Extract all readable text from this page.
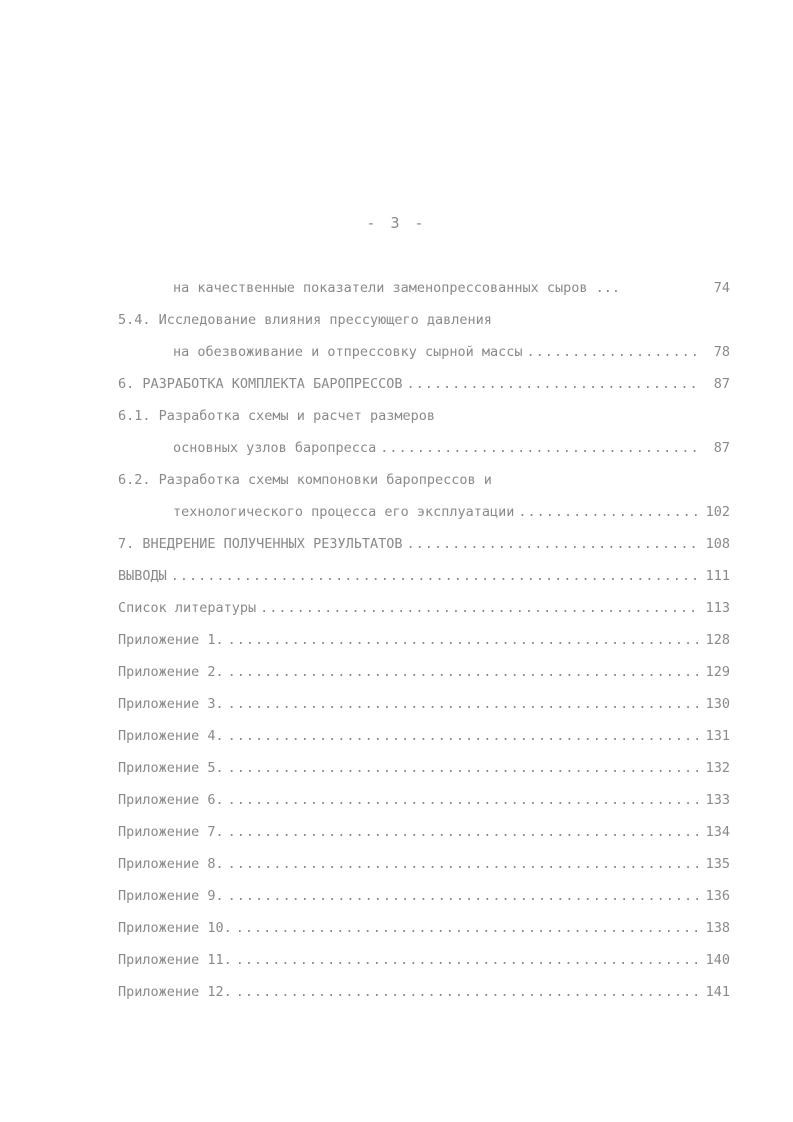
- 3 -
на качественные показатели заменопрессованных сыров ...	74
5.4. Исследование влияния прессующего давления
на обезвоживание и отпрессовку сырной массы .....	78
6. РАЗРАБОТКА КОМПЛЕКТА БАРОПРЕССОВ .....	87
6.1. Разработка схемы и расчет размеров
основных узлов баропресса .....	87
6.2. Разработка схемы компоновки баропрессов и
технологического процесса его эксплуатации .....	102
7. ВНЕДРЕНИЕ ПОЛУЧЕННЫХ РЕЗУЛЬТАТОВ .....	108
ВЫВОДЫ .....	111
Список литературы .....	113
Приложение 1. .....	128
Приложение 2. .....	129
Приложение 3. .....	130
Приложение 4. .....	131
Приложение 5. .....	132
Приложение 6. .....	133
Приложение 7. .....	134
Приложение 8. .....	135
Приложение 9. .....	136
Приложение 10. .....	138
Приложение 11. .....	140
Приложение 12. .....	141
